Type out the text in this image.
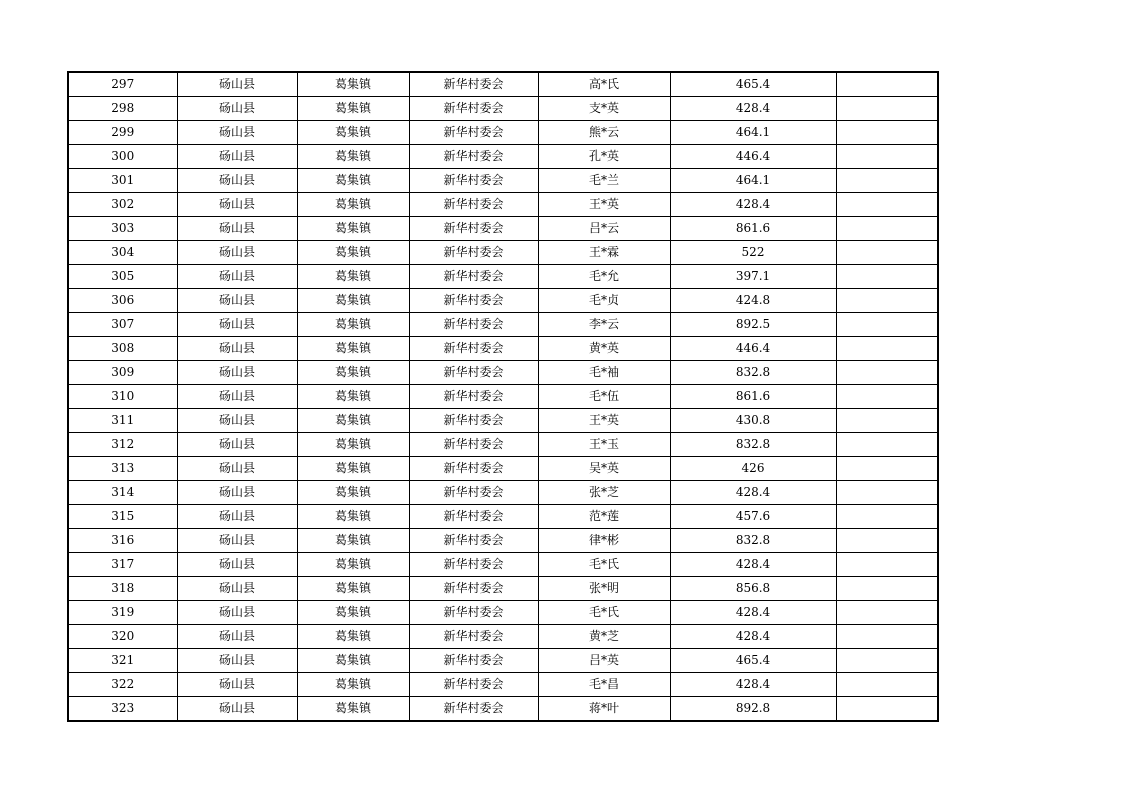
297	砀山县	葛集镇	新华村委会	高*氏	465.4	
298	砀山县	葛集镇	新华村委会	支*英	428.4	
299	砀山县	葛集镇	新华村委会	熊*云	464.1	
300	砀山县	葛集镇	新华村委会	孔*英	446.4	
301	砀山县	葛集镇	新华村委会	毛*兰	464.1	
302	砀山县	葛集镇	新华村委会	王*英	428.4	
303	砀山县	葛集镇	新华村委会	吕*云	861.6	
304	砀山县	葛集镇	新华村委会	王*霖	522	
305	砀山县	葛集镇	新华村委会	毛*允	397.1	
306	砀山县	葛集镇	新华村委会	毛*贞	424.8	
307	砀山县	葛集镇	新华村委会	李*云	892.5	
308	砀山县	葛集镇	新华村委会	黄*英	446.4	
309	砀山县	葛集镇	新华村委会	毛*袖	832.8	
310	砀山县	葛集镇	新华村委会	毛*伍	861.6	
311	砀山县	葛集镇	新华村委会	王*英	430.8	
312	砀山县	葛集镇	新华村委会	王*玉	832.8	
313	砀山县	葛集镇	新华村委会	吴*英	426	
314	砀山县	葛集镇	新华村委会	张*芝	428.4	
315	砀山县	葛集镇	新华村委会	范*莲	457.6	
316	砀山县	葛集镇	新华村委会	律*彬	832.8	
317	砀山县	葛集镇	新华村委会	毛*氏	428.4	
318	砀山县	葛集镇	新华村委会	张*明	856.8	
319	砀山县	葛集镇	新华村委会	毛*氏	428.4	
320	砀山县	葛集镇	新华村委会	黄*芝	428.4	
321	砀山县	葛集镇	新华村委会	吕*英	465.4	
322	砀山县	葛集镇	新华村委会	毛*昌	428.4	
323	砀山县	葛集镇	新华村委会	蒋*叶	892.8	
